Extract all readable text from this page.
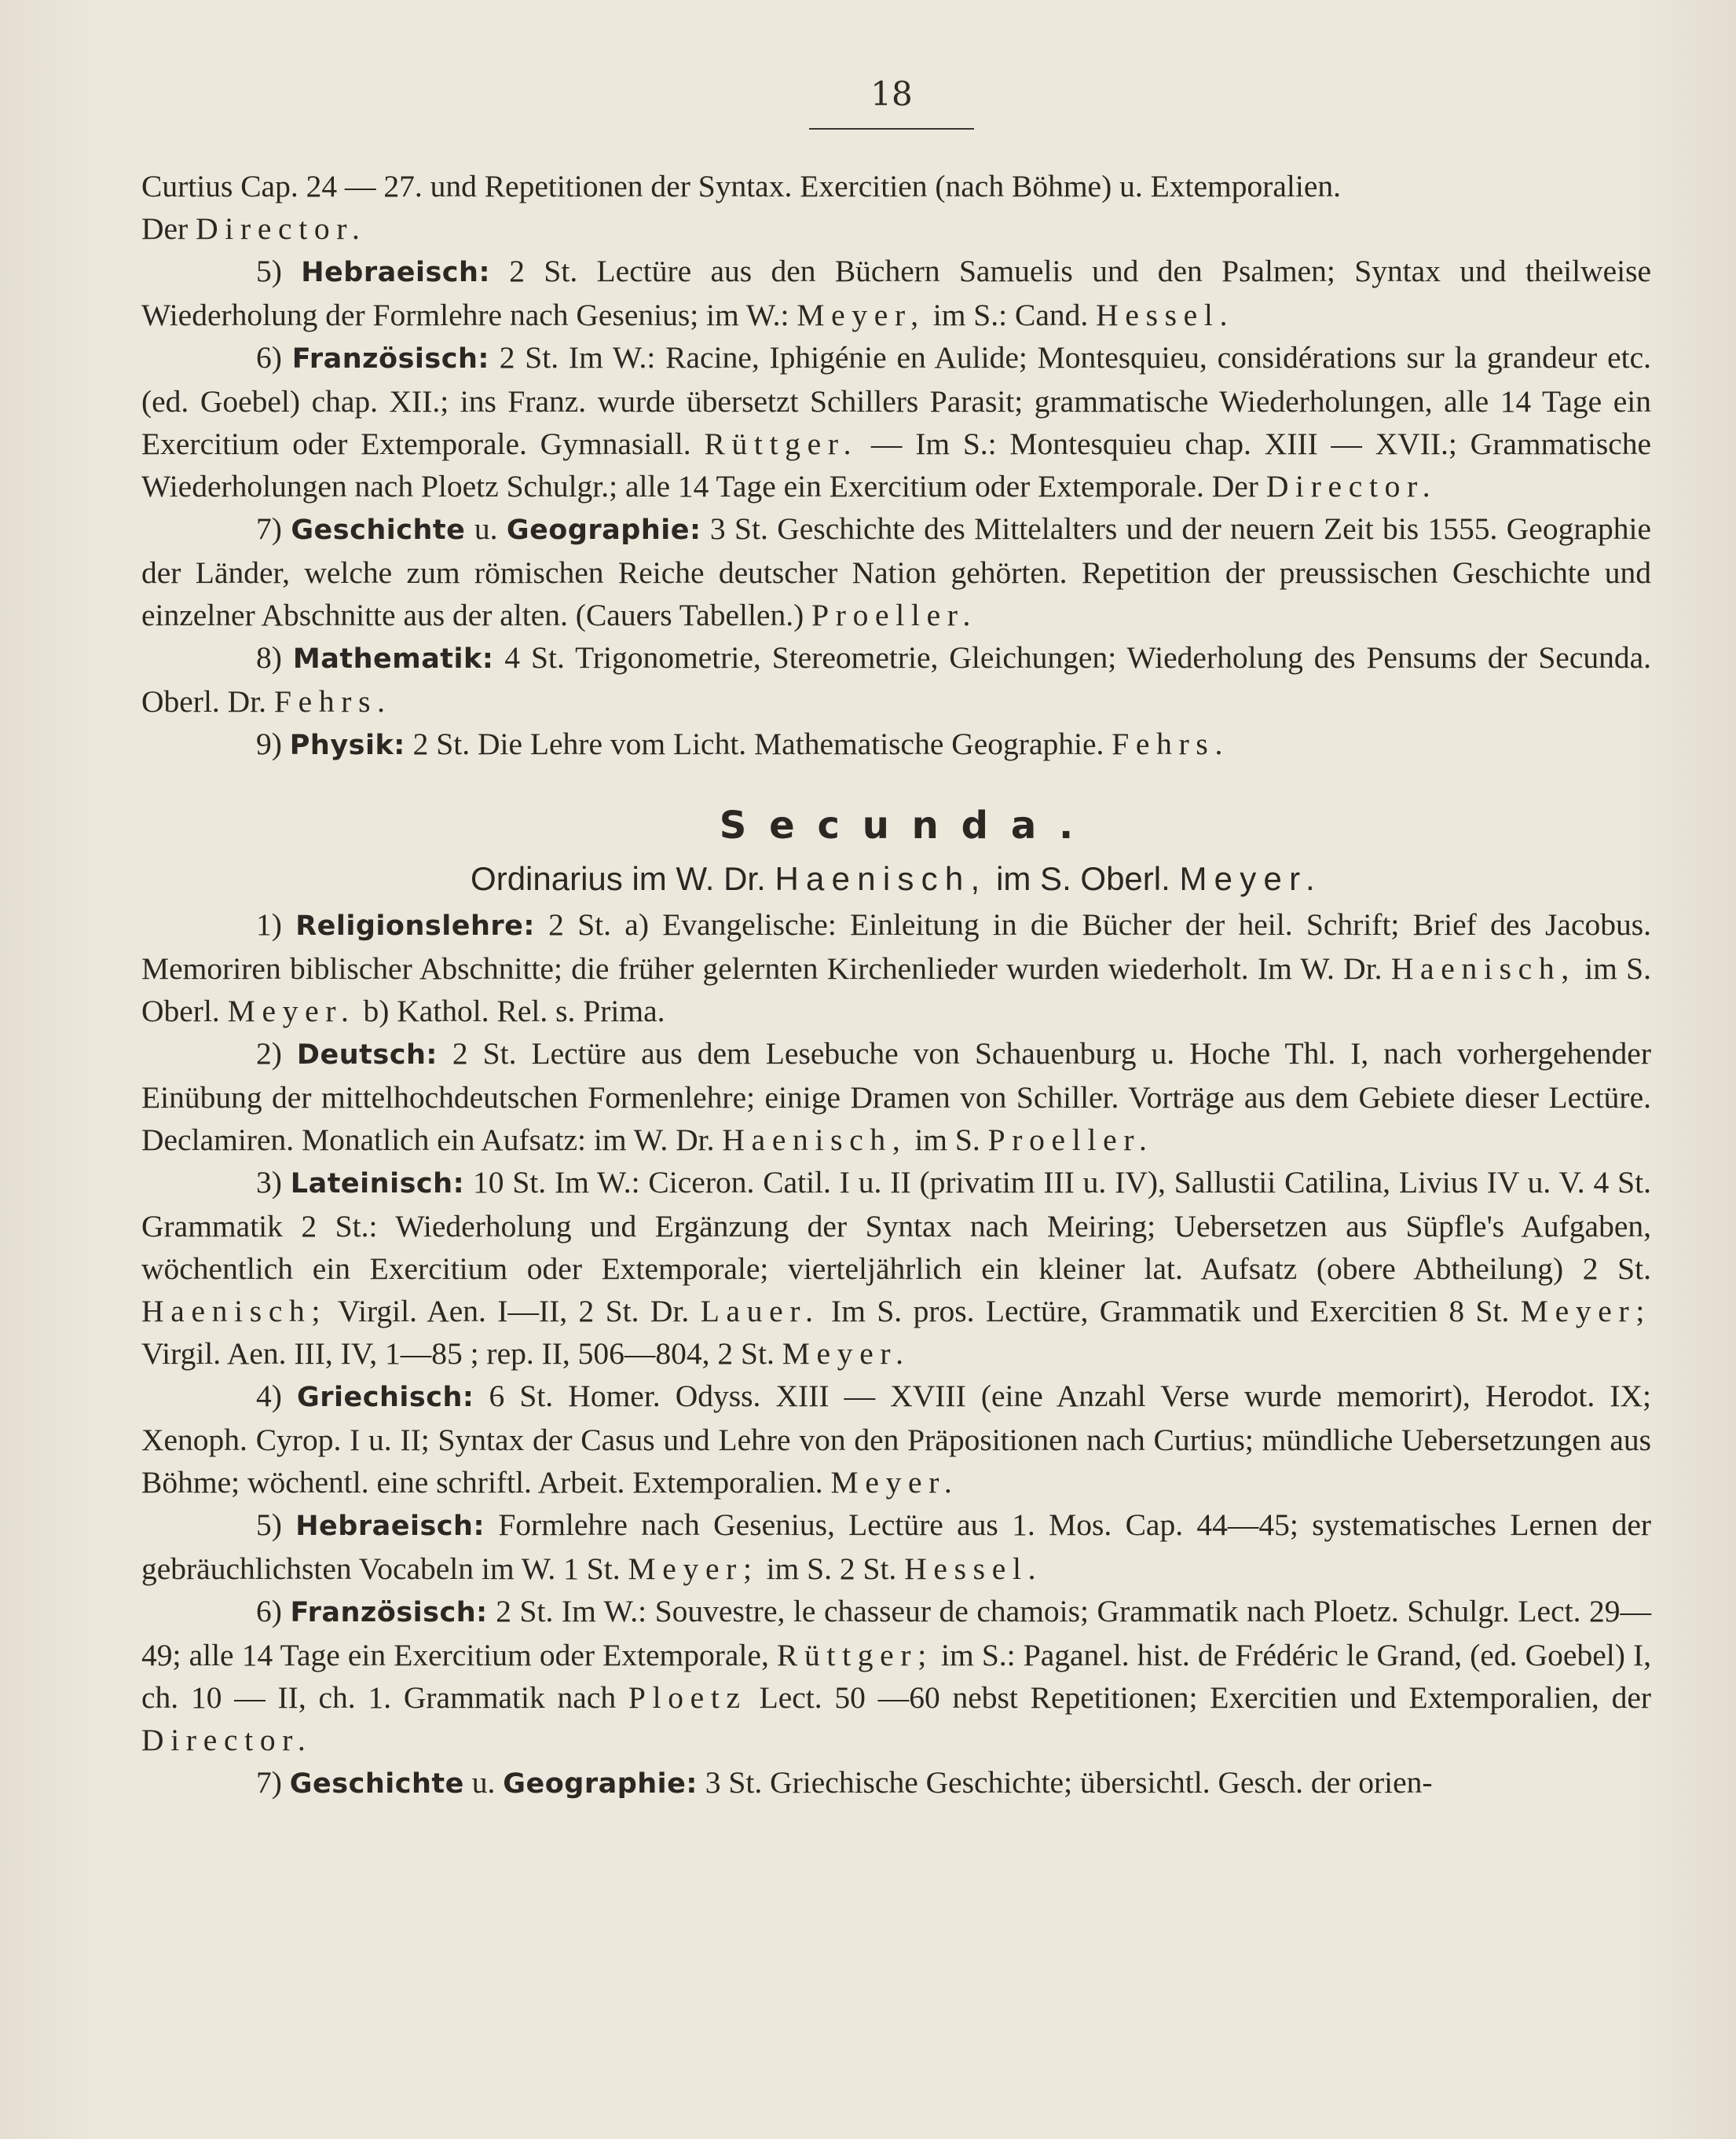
18

Curtius Cap. 24 — 27. und Repetitionen der Syntax. Exercitien (nach Böhme) u. Extemporalien.
Der Director.

5) Hebraeisch: 2 St. Lectüre aus den Büchern Samuelis und den Psalmen; Syntax und theilweise Wiederholung der Formlehre nach Gesenius; im W.: Meyer, im S.: Cand. Hessel.

6) Französisch: 2 St. Im W.: Racine, Iphigénie en Aulide; Montesquieu, considérations sur la grandeur etc. (ed. Goebel) chap. XII.; ins Franz. wurde übersetzt Schillers Parasit; grammatische Wiederholungen, alle 14 Tage ein Exercitium oder Extemporale. Gymnasiall. Rüttger. — Im S.: Montesquieu chap. XIII — XVII.; Grammatische Wiederholungen nach Ploetz Schulgr.; alle 14 Tage ein Exercitium oder Extemporale. Der Director.

7) Geschichte u. Geographie: 3 St. Geschichte des Mittelalters und der neuern Zeit bis 1555. Geographie der Länder, welche zum römischen Reiche deutscher Nation gehörten. Repetition der preussischen Geschichte und einzelner Abschnitte aus der alten. (Cauers Tabellen.) Proeller.

8) Mathematik: 4 St. Trigonometrie, Stereometrie, Gleichungen; Wiederholung des Pensums der Secunda. Oberl. Dr. Fehrs.

9) Physik: 2 St. Die Lehre vom Licht. Mathematische Geographie. Fehrs.

Secunda.
Ordinarius im W. Dr. Haenisch, im S. Oberl. Meyer.

1) Religionslehre: 2 St. a) Evangelische: Einleitung in die Bücher der heil. Schrift; Brief des Jacobus. Memoriren biblischer Abschnitte; die früher gelernten Kirchenlieder wurden wiederholt. Im W. Dr. Haenisch, im S. Oberl. Meyer. b) Kathol. Rel. s. Prima.

2) Deutsch: 2 St. Lectüre aus dem Lesebuche von Schauenburg u. Hoche Thl. I, nach vorhergehender Einübung der mittelhochdeutschen Formenlehre; einige Dramen von Schiller. Vorträge aus dem Gebiete dieser Lectüre. Declamiren. Monatlich ein Aufsatz: im W. Dr. Haenisch, im S. Proeller.

3) Lateinisch: 10 St. Im W.: Ciceron. Catil. I u. II (privatim III u. IV), Sallustii Catilina, Livius IV u. V. 4 St. Grammatik 2 St.: Wiederholung und Ergänzung der Syntax nach Meiring; Uebersetzen aus Süpfle's Aufgaben, wöchentlich ein Exercitium oder Extemporale; vierteljährlich ein kleiner lat. Aufsatz (obere Abtheilung) 2 St. Haenisch; Virgil. Aen. I—II, 2 St. Dr. Lauer. Im S. pros. Lectüre, Grammatik und Exercitien 8 St. Meyer; Virgil. Aen. III, IV, 1—85 ; rep. II, 506—804, 2 St. Meyer.

4) Griechisch: 6 St. Homer. Odyss. XIII — XVIII (eine Anzahl Verse wurde memorirt), Herodot. IX; Xenoph. Cyrop. I u. II; Syntax der Casus und Lehre von den Präpositionen nach Curtius; mündliche Uebersetzungen aus Böhme; wöchentl. eine schriftl. Arbeit. Extemporalien. Meyer.

5) Hebraeisch: Formlehre nach Gesenius, Lectüre aus 1. Mos. Cap. 44—45; systematisches Lernen der gebräuchlichsten Vocabeln im W. 1 St. Meyer; im S. 2 St. Hessel.

6) Französisch: 2 St. Im W.: Souvestre, le chasseur de chamois; Grammatik nach Ploetz. Schulgr. Lect. 29—49; alle 14 Tage ein Exercitium oder Extemporale, Rüttger; im S.: Paganel. hist. de Frédéric le Grand, (ed. Goebel) I, ch. 10 — II, ch. 1. Grammatik nach Ploetz Lect. 50 —60 nebst Repetitionen; Exercitien und Extemporalien, der Director.

7) Geschichte u. Geographie: 3 St. Griechische Geschichte; übersichtl. Gesch. der orien-
